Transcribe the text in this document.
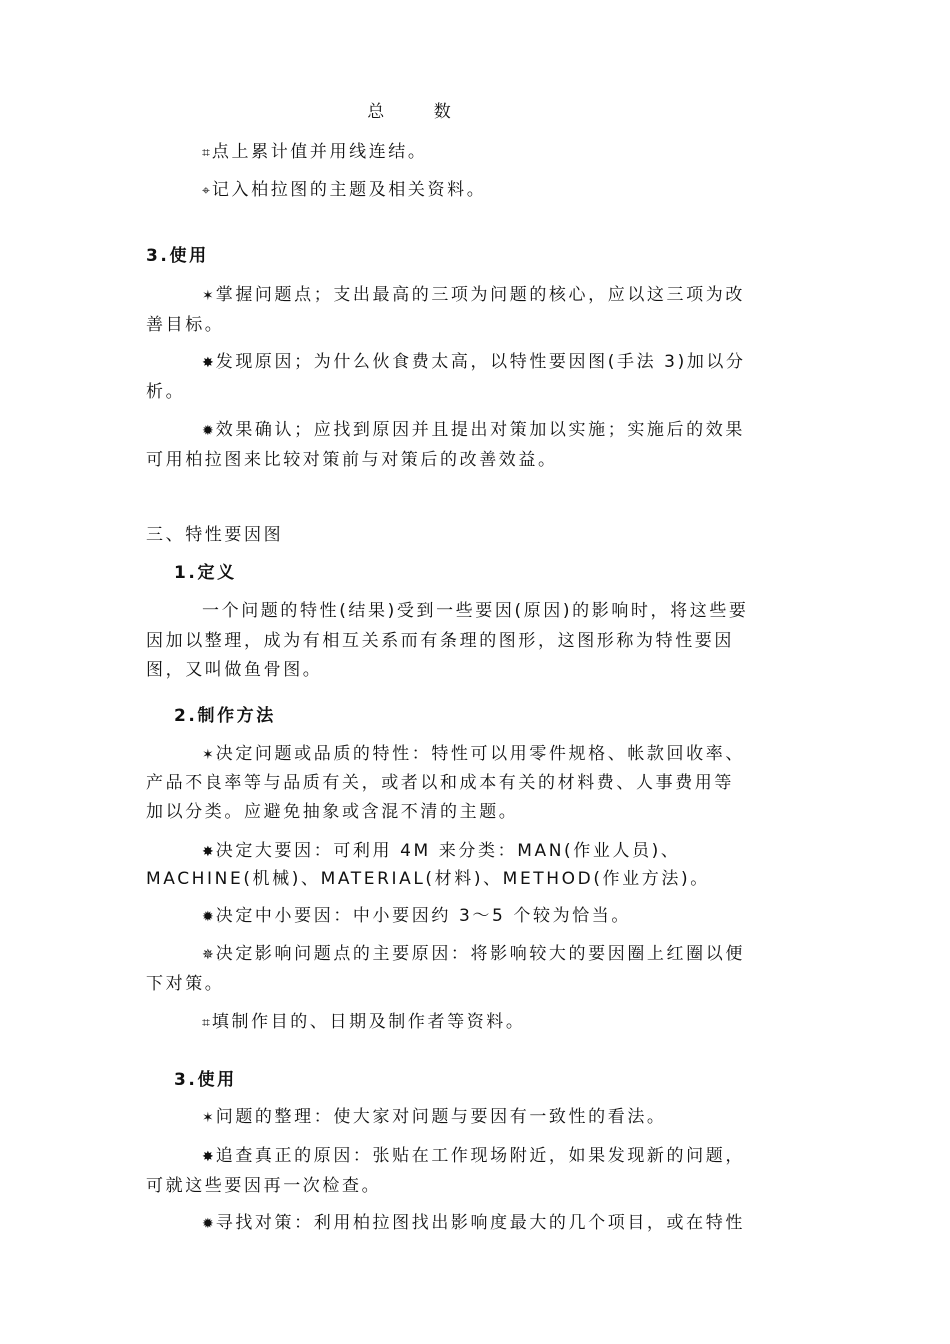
总 数
⌗ 点上累计值并用线连结。
⌖ 记入柏拉图的主题及相关资料。
3.使用
✶ 掌握问题点；支出最高的三项为问题的核心，应以这三项为改
善目标。
✸ 发现原因；为什么伙食费太高，以特性要因图(手法 3)加以分
析。
✹ 效果确认；应找到原因并且提出对策加以实施；实施后的效果
可用柏拉图来比较对策前与对策后的改善效益。
三、特性要因图
1.定义
一个问题的特性(结果)受到一些要因(原因)的影响时，将这些要
因加以整理，成为有相互关系而有条理的图形，这图形称为特性要因
图，又叫做鱼骨图。
2.制作方法
✶ 决定问题或品质的特性：特性可以用零件规格、帐款回收率、
产品不良率等与品质有关，或者以和成本有关的材料费、人事费用等
加以分类。应避免抽象或含混不清的主题。
✸ 决定大要因：可利用 4M 来分类：MAN(作业人员)、
MACHINE(机械)、MATERIAL(材料)、METHOD(作业方法)。
✹ 决定中小要因：中小要因约 3～5 个较为恰当。
✵ 决定影响问题点的主要原因：将影响较大的要因圈上红圈以便
下对策。
⌗ 填制作目的、日期及制作者等资料。
3.使用
✶ 问题的整理：使大家对问题与要因有一致性的看法。
✸ 追查真正的原因：张贴在工作现场附近，如果发现新的问题，
可就这些要因再一次检查。
✹ 寻找对策：利用柏拉图找出影响度最大的几个项目，或在特性
